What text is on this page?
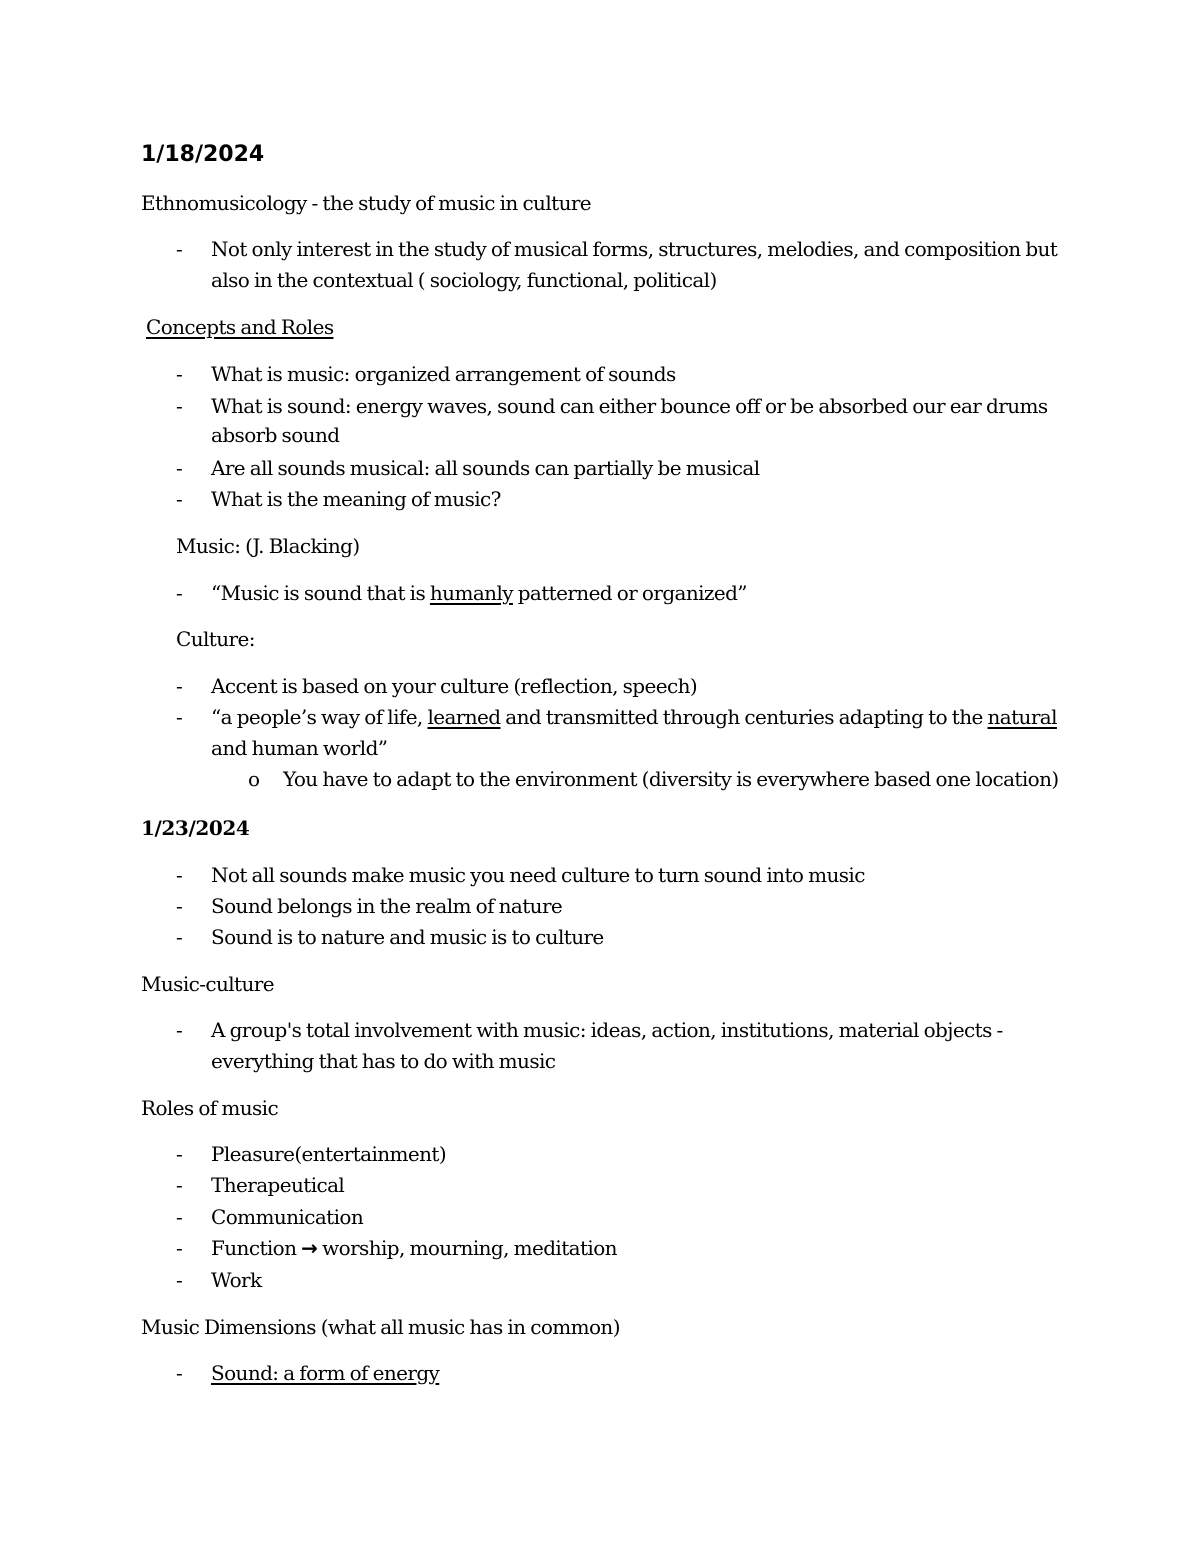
1/18/2024
Ethnomusicology - the study of music in culture
- Not only interest in the study of musical forms, structures, melodies, and composition but
also in the contextual ( sociology, functional, political)
Concepts and Roles
- What is music: organized arrangement of sounds
- What is sound: energy waves, sound can either bounce off or be absorbed our ear drums
absorb sound
- Are all sounds musical: all sounds can partially be musical
- What is the meaning of music?
Music: (J. Blacking)
- “Music is sound that is humanly patterned or organized”
Culture:
- Accent is based on your culture (reflection, speech)
- “a people’s way of life, learned and transmitted through centuries adapting to the natural
and human world”
o You have to adapt to the environment (diversity is everywhere based one location)
1/23/2024
- Not all sounds make music you need culture to turn sound into music
- Sound belongs in the realm of nature
- Sound is to nature and music is to culture
Music-culture
- A group's total involvement with music: ideas, action, institutions, material objects -
everything that has to do with music
Roles of music
- Pleasure(entertainment)
- Therapeutical
- Communication
- Function → worship, mourning, meditation
- Work
Music Dimensions (what all music has in common)
- Sound: a form of energy
